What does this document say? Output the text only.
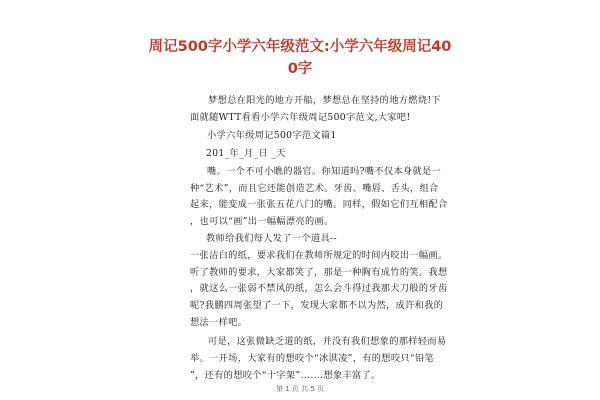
周记500字小学六年级范文:小学六年级周记40
0字
梦想总在阳光的地方开船，梦想总在坚持的地方燃烧!下
面就随WTT看看小学六年级周记500字范文,大家吧!
小学六年级周记500字范文篇1
201_年_月_日 _天
嘴。一个不可小瞧的器官。你知道吗?嘴不仅本身就是一
种“艺术”，而且它还能创造艺术。牙齿、嘴唇、舌头，组合
起来，能变成一张张五花八门的嘴。同样，假如它们互相配合
，也可以“画”出一幅幅漂亮的画。
教师给我们每人发了一个道具--
一张洁白的纸，要求我们在教师所规定的时间内咬出一幅画。
听了教师的要求，大家都笑了，那是一种胸有成竹的笑。我想
，就这么一张弱不禁风的纸，怎么会斗得过我那犬刀般的牙齿
呢?我鹏四周张望了一下，发现大家都不以为然，成许和我的
想法一样吧。
可是，这张微缺乏道的纸，并没有我们想象的那样轻而易
举。一开场，大家有的想咬个“冰淇凌”，有的想咬只“铅笔
”，还有的想咬个“十字架”.......想象丰富了。
第 1 页 共 5 页
